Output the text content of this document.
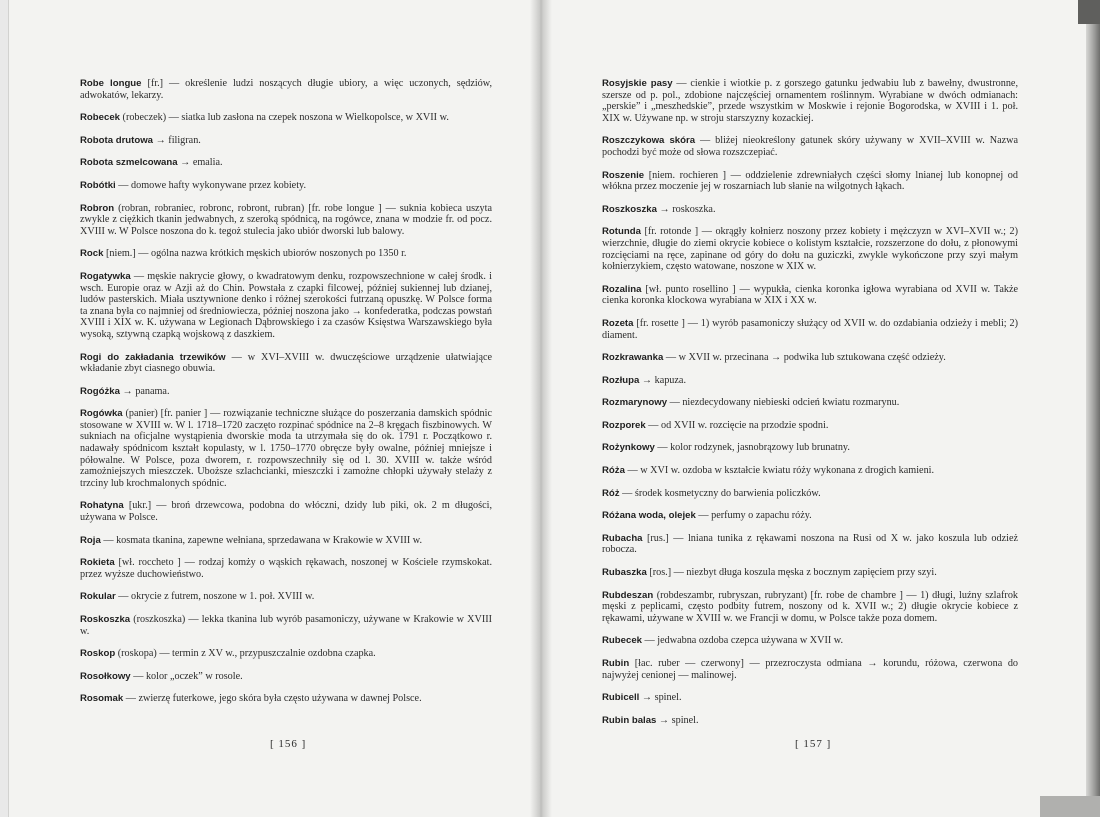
Robe longue [fr.] — określenie ludzi noszących długie ubiory, a więc uczonych, sędziów, adwokatów, lekarzy.

Robecek (robeczek) — siatka lub zasłona na czepek noszona w Wielkopolsce, w XVII w.

Robota drutowa → filigran.

Robota szmelcowana → emalia.

Robótki — domowe hafty wykonywane przez kobiety.

Robron (robran, robraniec, robronc, robront, rubran) [fr. robe longue ] — suknia kobieca uszyta zwykle z ciężkich tkanin jedwabnych, z szeroką spódnicą, na rogówce, znana w modzie fr. od pocz. XVIII w. W Polsce noszona do k. tegoż stulecia jako ubiór dworski lub balowy.

Rock [niem.] — ogólna nazwa krótkich męskich ubiorów noszonych po 1350 r.

Rogatywka — męskie nakrycie głowy, o kwadratowym denku, rozpowszechnione w całej środk. i wsch. Europie oraz w Azji aż do Chin. Powstała z czapki filcowej, później sukiennej lub dzianej, ludów pasterskich. Miała usztywnione denko i różnej szerokości futrzaną opuszkę. W Polsce forma ta znana była co najmniej od średniowiecza, później noszona jako → konfederatka, podczas powstań XVIII i XIX w. K. używana w Legionach Dąbrowskiego i za czasów Księstwa Warszawskiego była wysoką, sztywną czapką wojskową z daszkiem.

Rogi do zakładania trzewików — w XVI–XVIII w. dwuczęściowe urządzenie ułatwiające wkładanie zbyt ciasnego obuwia.

Rogóżka → panama.

Rogówka (panier) [fr. panier ] — rozwiązanie techniczne służące do poszerzania damskich spódnic stosowane w XVIII w. W l. 1718–1720 zaczęto rozpinać spódnice na 2–8 kręgach fiszbinowych. W sukniach na oficjalne wystąpienia dworskie moda ta utrzymała się do ok. 1791 r. Początkowo r. nadawały spódnicom kształt kopulasty, w l. 1750–1770 obręcze były owalne, później mniejsze i półowalne. W Polsce, poza dworem, r. rozpowszechniły się od l. 30. XVIII w. także wśród zamożniejszych mieszczek. Uboższe szlachcianki, mieszczki i zamożne chłopki używały stelaży z trzciny lub krochmalonych spódnic.

Rohatyna [ukr.] — broń drzewcowa, podobna do włóczni, dzidy lub piki, ok. 2 m długości, używana w Polsce.

Roja — kosmata tkanina, zapewne wełniana, sprzedawana w Krakowie w XVIII w.

Rokieta [wł. roccheto ] — rodzaj komży o wąskich rękawach, noszonej w Kościele rzymskokat. przez wyższe duchowieństwo.

Rokular — okrycie z futrem, noszone w 1. poł. XVIII w.

Roskoszka (roszkoszka) — lekka tkanina lub wyrób pasamoniczy, używane w Krakowie w XVIII w.

Roskop (roskopa) — termin z XV w., przypuszczalnie ozdobna czapka.

Rosołkowy — kolor „oczek” w rosole.

Rosomak — zwierzę futerkowe, jego skóra była często używana w dawnej Polsce.

Rosyjskie pasy — cienkie i wiotkie p. z gorszego gatunku jedwabiu lub z bawełny, dwustronne, szersze od p. pol., zdobione najczęściej ornamentem roślinnym. Wyrabiane w dwóch odmianach: „perskie” i „meszhedskie”, przede wszystkim w Moskwie i rejonie Bogorodska, w XVIII i 1. poł. XIX w. Używane np. w stroju starszyzny kozackiej.

Roszczykowa skóra — bliżej nieokreślony gatunek skóry używany w XVII–XVIII w. Nazwa pochodzi być może od słowa rozszczepiać.

Roszenie [niem. rochieren ] — oddzielenie zdrewniałych części słomy lnianej lub konopnej od włókna przez moczenie jej w roszarniach lub słanie na wilgotnych łąkach.

Roszkoszka → roskoszka.

Rotunda [fr. rotonde ] — okrągły kołnierz noszony przez kobiety i mężczyzn w XVI–XVII w.; 2) wierzchnie, długie do ziemi okrycie kobiece o kolistym kształcie, rozszerzone do dołu, z płonowymi rozcięciami na ręce, zapinane od góry do dołu na guziczki, zwykle wykończone przy szyi małym kołnierzykiem, często watowane, noszone w XIX w.

Rozalina [wł. punto rosellino ] — wypukła, cienka koronka igłowa wyrabiana od XVII w. Także cienka koronka klockowa wyrabiana w XIX i XX w.

Rozeta [fr. rosette ] — 1) wyrób pasamoniczy służący od XVII w. do ozdabiania odzieży i mebli; 2) diament.

Rozkrawanka — w XVII w. przecinana → podwika lub sztukowana część odzieży.

Rozłupa → kapuza.

Rozmarynowy — niezdecydowany niebieski odcień kwiatu rozmarynu.

Rozporek — od XVII w. rozcięcie na przodzie spodni.

Rożynkowy — kolor rodzynek, jasnobrązowy lub brunatny.

Róża — w XVI w. ozdoba w kształcie kwiatu róży wykonana z drogich kamieni.

Róż — środek kosmetyczny do barwienia policzków.

Różana woda, olejek — perfumy o zapachu róży.

Rubacha [rus.] — lniana tunika z rękawami noszona na Rusi od X w. jako koszula lub odzież robocza.

Rubaszka [ros.] — niezbyt długa koszula męska z bocznym zapięciem przy szyi.

Rubdeszan (robdeszambr, rubryszan, rubryzant) [fr. robe de chambre ] — 1) długi, luźny szlafrok męski z peplicami, często podbity futrem, noszony od k. XVII w.; 2) długie okrycie kobiece z rękawami, używane w XVIII w. we Francji w domu, w Polsce także poza domem.

Rubecek — jedwabna ozdoba czepca używana w XVII w.

Rubin [łac. ruber — czerwony] — przezroczysta odmiana → korundu, różowa, czerwona do najwyżej cenionej — malinowej.

Rubicell → spinel.

Rubin balas → spinel.

[ 156 ]	[ 157 ]
